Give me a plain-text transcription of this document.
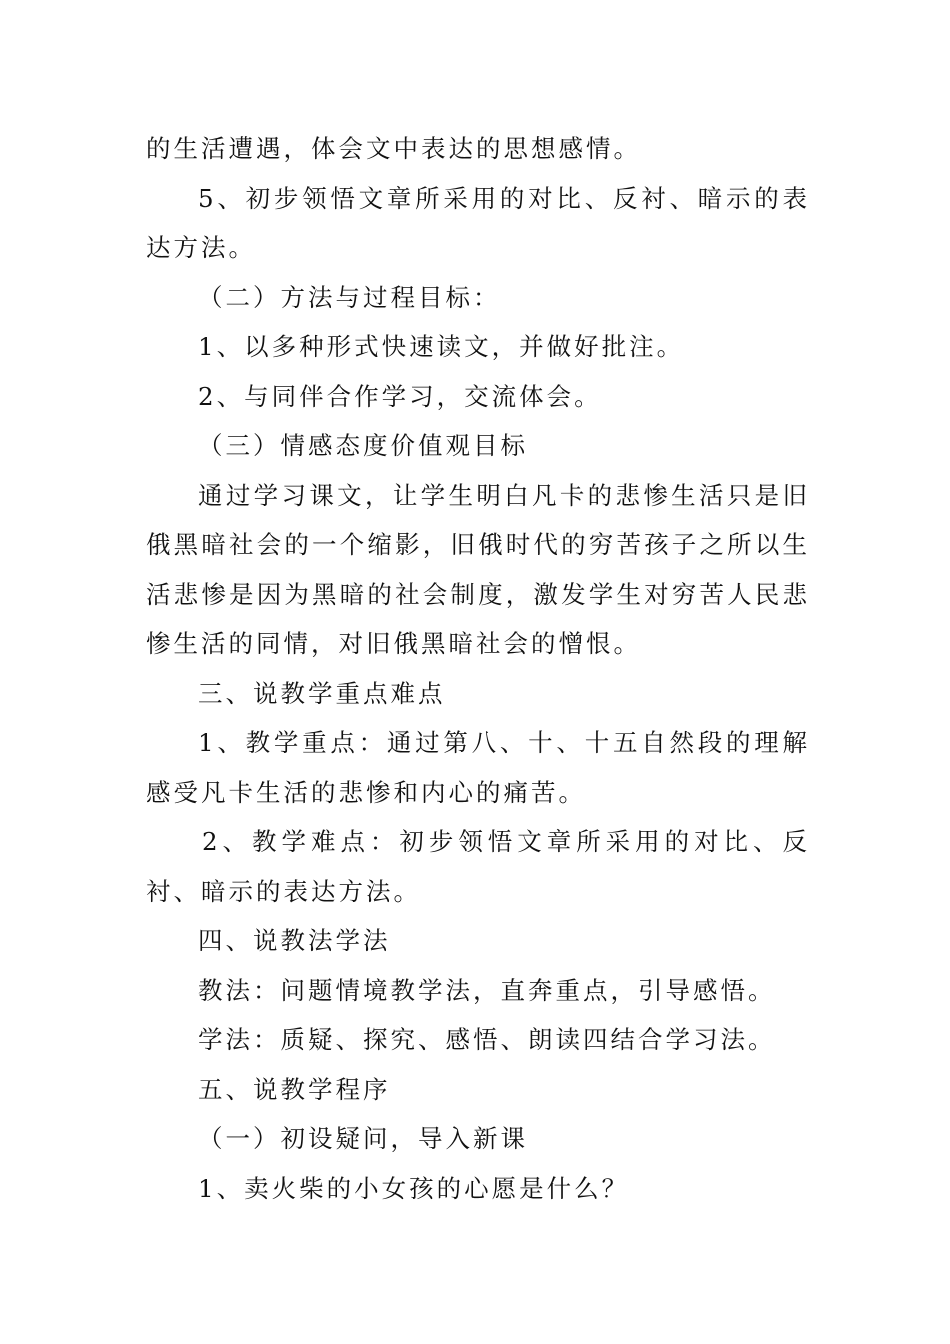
的生活遭遇，体会文中表达的思想感情。

5、初步领悟文章所采用的对比、反衬、暗示的表达方法。

（二）方法与过程目标：

1、以多种形式快速读文，并做好批注。

2、与同伴合作学习，交流体会。

（三）情感态度价值观目标

通过学习课文，让学生明白凡卡的悲惨生活只是旧俄黑暗社会的一个缩影，旧俄时代的穷苦孩子之所以生活悲惨是因为黑暗的社会制度，激发学生对穷苦人民悲惨生活的同情，对旧俄黑暗社会的憎恨。

三、说教学重点难点

1、教学重点：通过第八、十、十五自然段的理解感受凡卡生活的悲惨和内心的痛苦。

2、教学难点：初步领悟文章所采用的对比、反衬、暗示的表达方法。

四、说教法学法

教法：问题情境教学法，直奔重点，引导感悟。

学法：质疑、探究、感悟、朗读四结合学习法。

五、说教学程序

（一）初设疑问，导入新课

1、卖火柴的小女孩的心愿是什么？
